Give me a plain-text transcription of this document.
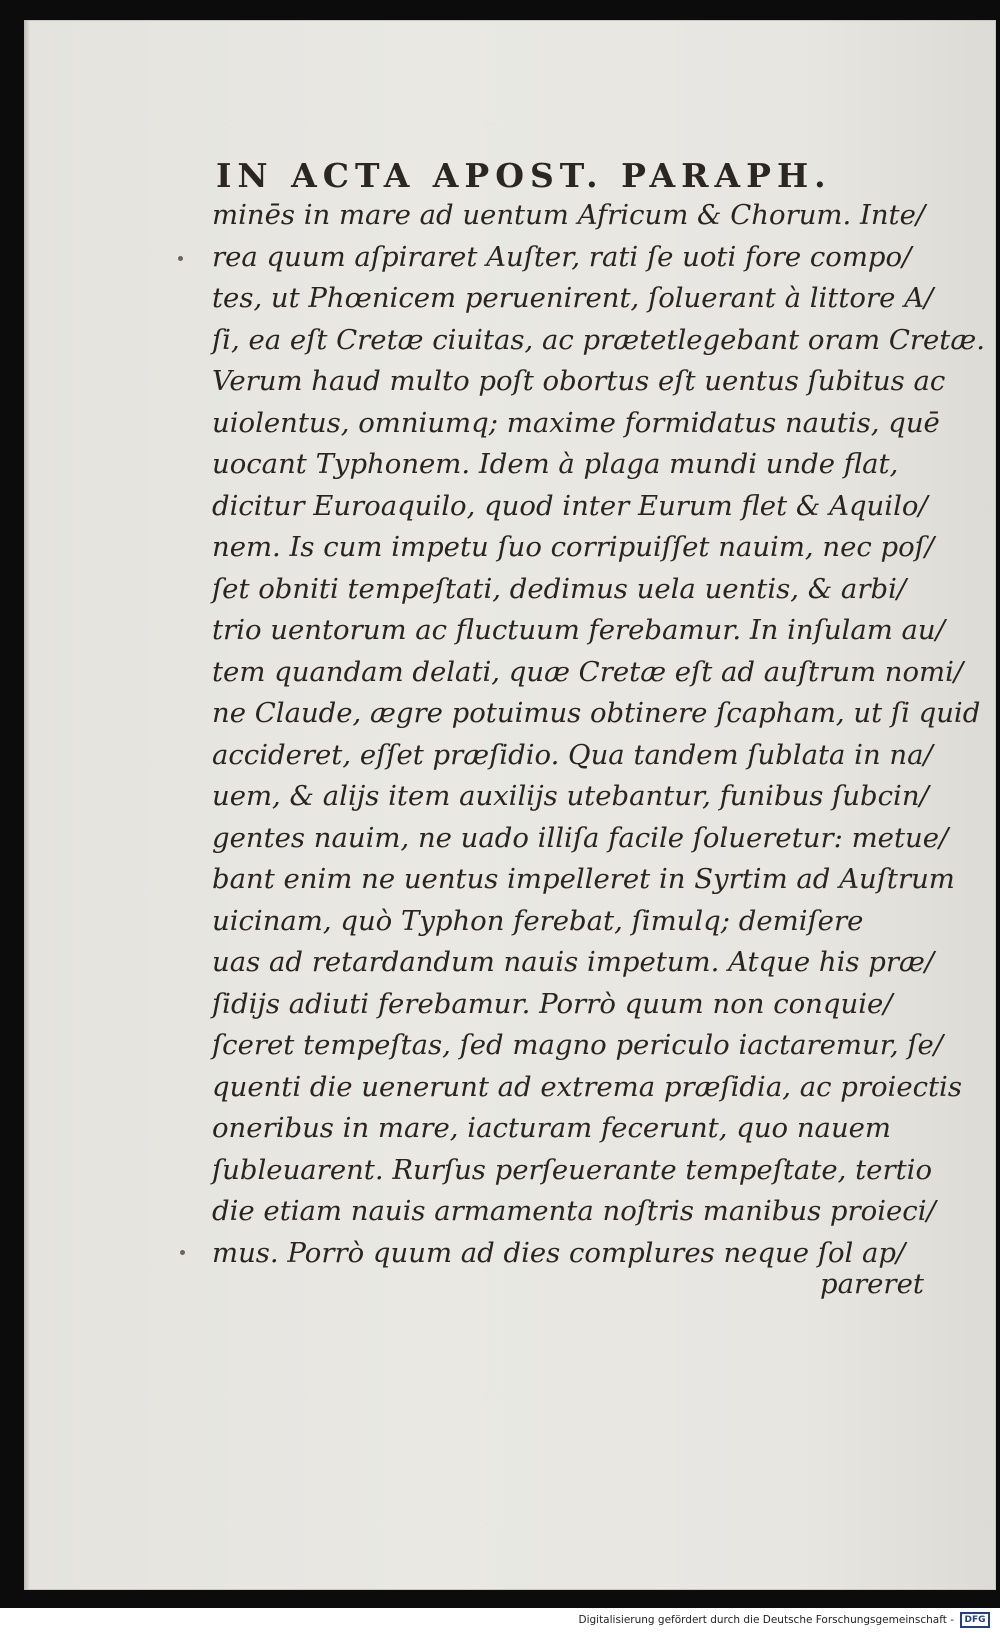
IN ACTA APOST. PARAPH.
minēs in mare ad uentum Africum & Chorum. Inte/
rea quum aſpiraret Auſter, rati ſe uoti fore compo/
tes, ut Phœnicem peruenirent, ſoluerant à littore A/
ſi, ea eſt Cretæ ciuitas, ac prætetlegebant oram Cretæ.
Verum haud multo poſt obortus eſt uentus ſubitus ac
uiolentus, omniumq; maxime formidatus nautis, quē
uocant Typhonem. Idem à plaga mundi unde flat,
dicitur Euroaquilo, quod inter Eurum flet & Aquilo/
nem. Is cum impetu ſuo corripuiſſet nauim, nec poſ/
ſet obniti tempeſtati, dedimus uela uentis, & arbi/
trio uentorum ac fluctuum ferebamur. In inſulam au/
tem quandam delati, quæ Cretæ eſt ad auſtrum nomi/
ne Claude, ægre potuimus obtinere ſcapham, ut ſi quid
accideret, eſſet præſidio. Qua tandem ſublata in na/
uem, & alijs item auxilijs utebantur, funibus ſubcin/
gentes nauim, ne uado illiſa facile ſolueretur: metue/
bant enim ne uentus impelleret in Syrtim ad Auſtrum
uicinam, quò Typhon ferebat, ſimulq; demiſere
uas ad retardandum nauis impetum. Atque his præ/
ſidijs adiuti ferebamur. Porrò quum non conquie/
ſceret tempeſtas, ſed magno periculo iactaremur, ſe/
quenti die uenerunt ad extrema præſidia, ac proiectis
oneribus in mare, iacturam fecerunt, quo nauem
ſubleuarent. Rurſus perſeuerante tempeſtate, tertio
die etiam nauis armamenta noſtris manibus proieci/
mus. Porrò quum ad dies complures neque ſol ap/
pareret
Digitalisierung gefördert durch die Deutsche Forschungsgemeinschaft -	DFG
